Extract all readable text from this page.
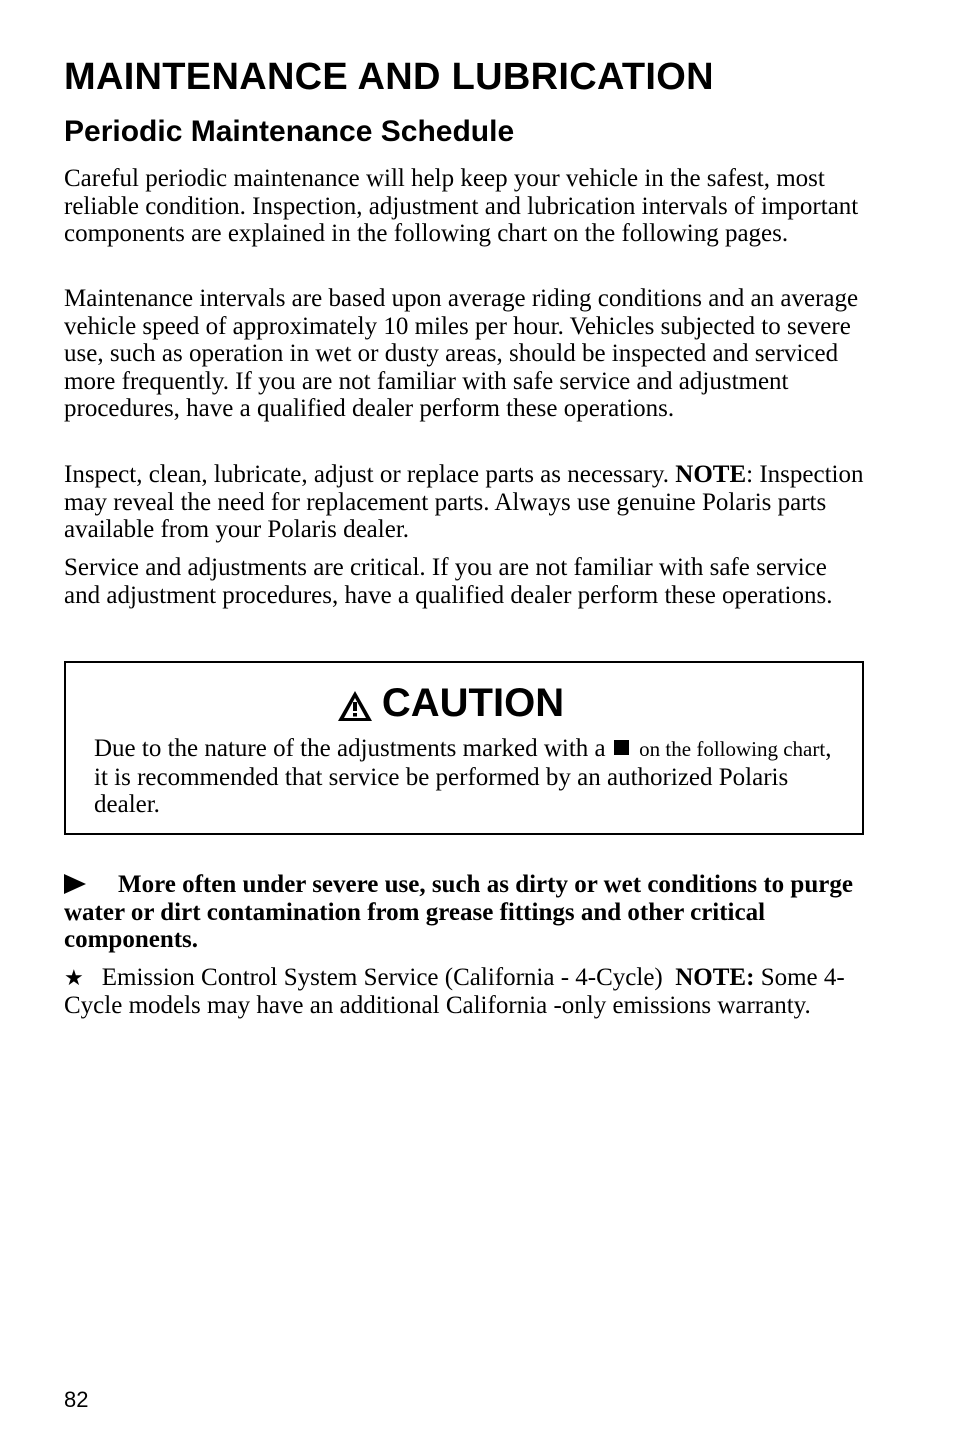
MAINTENANCE AND LUBRICATION
Periodic Maintenance Schedule

Careful periodic maintenance will help keep your vehicle in the safest, most reliable condition. Inspection, adjustment and lubrication intervals of important components are explained in the following chart on the following pages.

Maintenance intervals are based upon average riding conditions and an average vehicle speed of approximately 10 miles per hour. Vehicles subjected to severe use, such as operation in wet or dusty areas, should be inspected and serviced more frequently. If you are not familiar with safe service and adjustment procedures, have a qualified dealer perform these operations.

Inspect, clean, lubricate, adjust or replace parts as necessary. NOTE: Inspection may reveal the need for replacement parts. Always use genuine Polaris parts available from your Polaris dealer.

Service and adjustments are critical. If you are not familiar with safe service and adjustment procedures, have a qualified dealer perform these operations.

CAUTION

Due to the nature of the adjustments marked with a on the following chart, it is recommended that service be performed by an authorized Polaris dealer.

More often under severe use, such as dirty or wet conditions to purge water or dirt contamination from grease fittings and other critical components.

★ Emission Control System Service (California - 4-Cycle) NOTE: Some 4-Cycle models may have an additional California -only emissions warranty.

82
